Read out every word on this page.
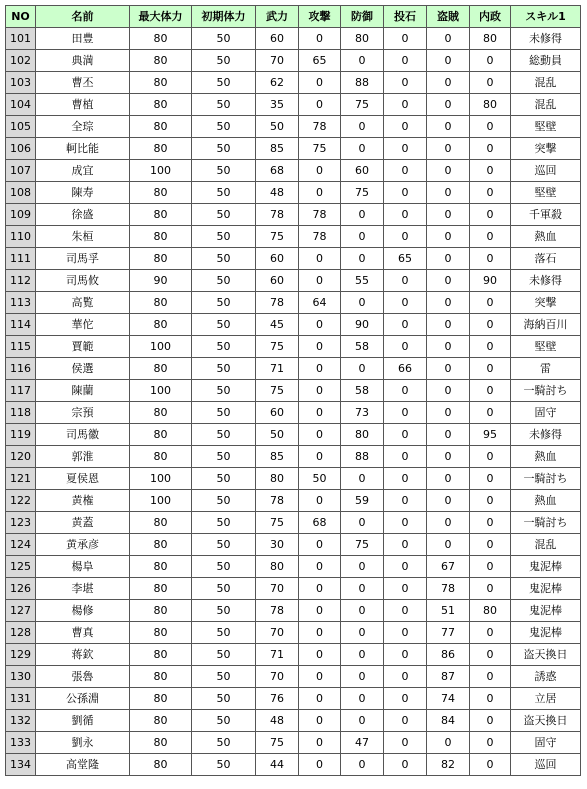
NO	名前	最大体力	初期体力	武力	攻撃	防御	投石	盗賊	内政	スキル1
101	田豊	80	50	60	0	80	0	0	80	未修得
102	典満	80	50	70	65	0	0	0	0	総動員
103	曹丕	80	50	62	0	88	0	0	0	混乱
104	曹植	80	50	35	0	75	0	0	80	混乱
105	全琮	80	50	50	78	0	0	0	0	堅壁
106	軻比能	80	50	85	75	0	0	0	0	突撃
107	成宜	100	50	68	0	60	0	0	0	巡回
108	陳寿	80	50	48	0	75	0	0	0	堅壁
109	徐盛	80	50	78	78	0	0	0	0	千軍殺
110	朱桓	80	50	75	78	0	0	0	0	熱血
111	司馬孚	80	50	60	0	0	65	0	0	落石
112	司馬攸	90	50	60	0	55	0	0	90	未修得
113	高覧	80	50	78	64	0	0	0	0	突撃
114	華佗	80	50	45	0	90	0	0	0	海納百川
115	賈範	100	50	75	0	58	0	0	0	堅壁
116	侯選	80	50	71	0	0	66	0	0	雷
117	陳蘭	100	50	75	0	58	0	0	0	一騎討ち
118	宗預	80	50	60	0	73	0	0	0	固守
119	司馬徽	80	50	50	0	80	0	0	95	未修得
120	郭淮	80	50	85	0	88	0	0	0	熱血
121	夏侯恩	100	50	80	50	0	0	0	0	一騎討ち
122	黄権	100	50	78	0	59	0	0	0	熱血
123	黄蓋	80	50	75	68	0	0	0	0	一騎討ち
124	黄承彦	80	50	30	0	75	0	0	0	混乱
125	楊阜	80	50	80	0	0	0	67	0	鬼泥棒
126	李堪	80	50	70	0	0	0	78	0	鬼泥棒
127	楊修	80	50	78	0	0	0	51	80	鬼泥棒
128	曹真	80	50	70	0	0	0	77	0	鬼泥棒
129	蒋欽	80	50	71	0	0	0	86	0	盗天換日
130	張魯	80	50	70	0	0	0	87	0	誘惑
131	公孫淵	80	50	76	0	0	0	74	0	立居
132	劉循	80	50	48	0	0	0	84	0	盗天換日
133	劉永	80	50	75	0	47	0	0	0	固守
134	高堂隆	80	50	44	0	0	0	82	0	巡回
